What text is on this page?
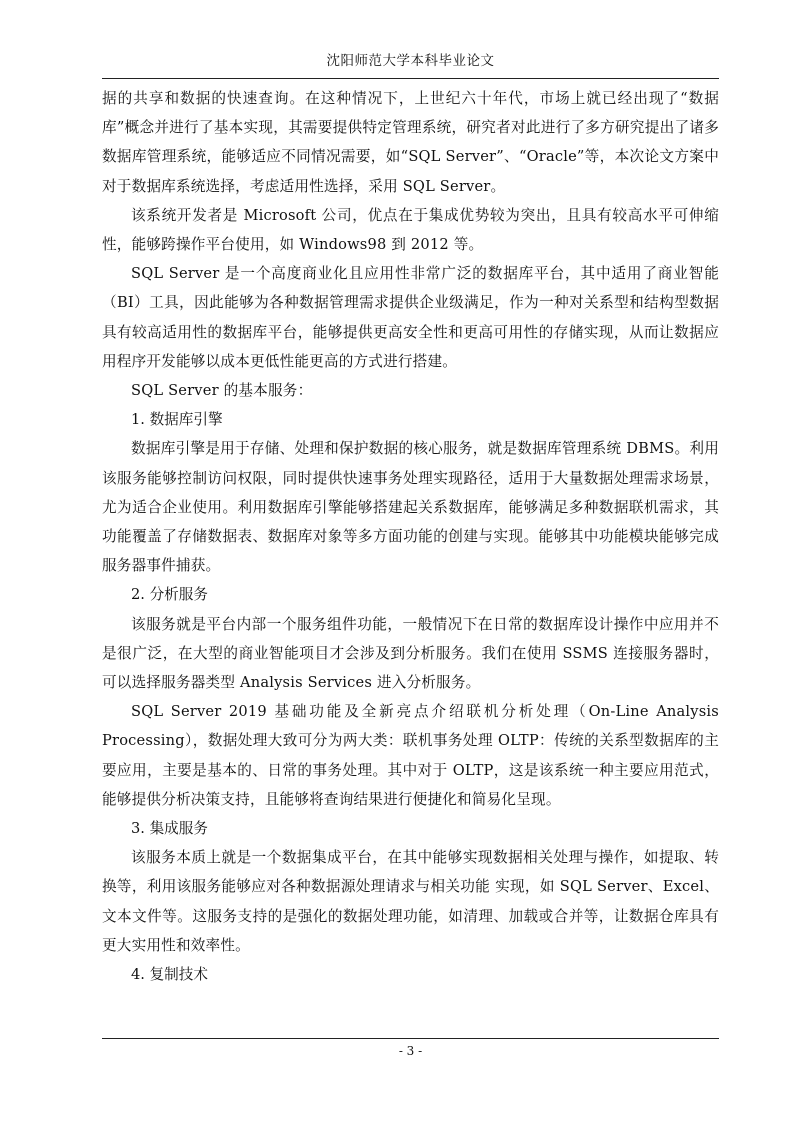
沈阳师范大学本科毕业论文

据的共享和数据的快速查询。在这种情况下，上世纪六十年代，市场上就已经出现了“数据库”概念并进行了基本实现，其需要提供特定管理系统，研究者对此进行了多方研究提出了诸多数据库管理系统，能够适应不同情况需要，如“SQL Server”、“Oracle”等，本次论文方案中对于数据库系统选择，考虑适用性选择，采用 SQL Server。

该系统开发者是 Microsoft 公司，优点在于集成优势较为突出，且具有较高水平可伸缩性，能够跨操作平台使用，如 Windows98 到 2012 等。

SQL Server 是一个高度商业化且应用性非常广泛的数据库平台，其中适用了商业智能（BI）工具，因此能够为各种数据管理需求提供企业级满足，作为一种对关系型和结构型数据具有较高适用性的数据库平台，能够提供更高安全性和更高可用性的存储实现，从而让数据应用程序开发能够以成本更低性能更高的方式进行搭建。

SQL Server 的基本服务：

1. 数据库引擎

数据库引擎是用于存储、处理和保护数据的核心服务，就是数据库管理系统 DBMS。利用该服务能够控制访问权限，同时提供快速事务处理实现路径，适用于大量数据处理需求场景，尤为适合企业使用。利用数据库引擎能够搭建起关系数据库，能够满足多种数据联机需求，其功能覆盖了存储数据表、数据库对象等多方面功能的创建与实现。能够其中功能模块能够完成服务器事件捕获。

2. 分析服务

该服务就是平台内部一个服务组件功能，一般情况下在日常的数据库设计操作中应用并不是很广泛，在大型的商业智能项目才会涉及到分析服务。我们在使用 SSMS 连接服务器时，可以选择服务器类型 Analysis Services 进入分析服务。

SQL Server 2019 基础功能及全新亮点介绍联机分析处理（On-Line Analysis Processing），数据处理大致可分为两大类：联机事务处理 OLTP：传统的关系型数据库的主要应用，主要是基本的、日常的事务处理。其中对于 OLTP，这是该系统一种主要应用范式，能够提供分析决策支持，且能够将查询结果进行便捷化和简易化呈现。

3. 集成服务

该服务本质上就是一个数据集成平台，在其中能够实现数据相关处理与操作，如提取、转换等，利用该服务能够应对各种数据源处理请求与相关功能 实现，如 SQL Server、Excel、文本文件等。这服务支持的是强化的数据处理功能，如清理、加载或合并等，让数据仓库具有更大实用性和效率性。

4. 复制技术

- 3 -
